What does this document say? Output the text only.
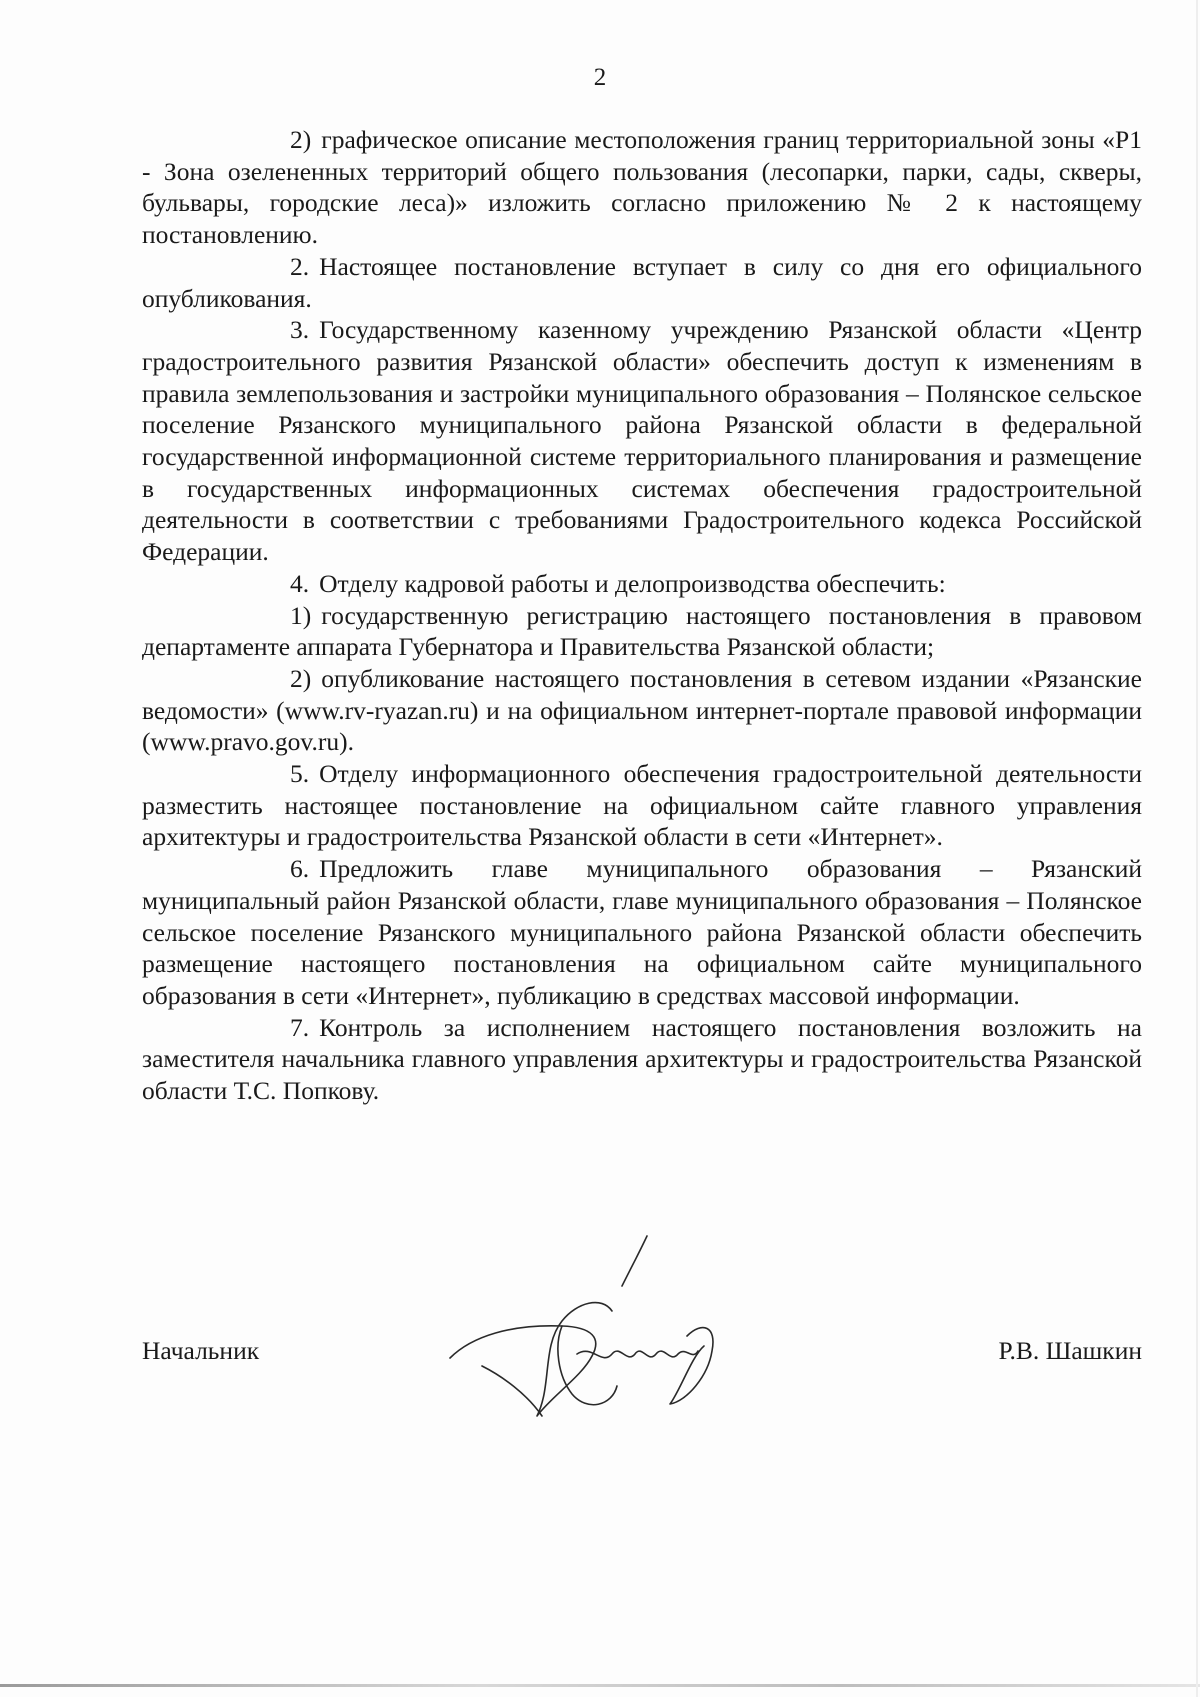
2

2) графическое описание местоположения границ территориальной зоны «Р1 - Зона озелененных территорий общего пользования (лесопарки, парки, сады, скверы, бульвары, городские леса)» изложить согласно приложению № 2 к настоящему постановлению.

2. Настоящее постановление вступает в силу со дня его официального опубликования.

3. Государственному казенному учреждению Рязанской области «Центр градостроительного развития Рязанской области» обеспечить доступ к изменениям в правила землепользования и застройки муниципального образования – Полянское сельское поселение Рязанского муниципального района Рязанской области в федеральной государственной информационной системе территориального планирования и размещение в государственных информационных системах обеспечения градостроительной деятельности в соответствии с требованиями Градостроительного кодекса Российской Федерации.

4. Отделу кадровой работы и делопроизводства обеспечить:

1) государственную регистрацию настоящего постановления в правовом департаменте аппарата Губернатора и Правительства Рязанской области;

2) опубликование настоящего постановления в сетевом издании «Рязанские ведомости» (www.rv-ryazan.ru) и на официальном интернет-портале правовой информации (www.pravo.gov.ru).

5. Отделу информационного обеспечения градостроительной деятельности разместить настоящее постановление на официальном сайте главного управления архитектуры и градостроительства Рязанской области в сети «Интернет».

6. Предложить главе муниципального образования – Рязанский муниципальный район Рязанской области, главе муниципального образования – Полянское сельское поселение Рязанского муниципального района Рязанской области обеспечить размещение настоящего постановления на официальном сайте муниципального образования в сети «Интернет», публикацию в средствах массовой информации.

7. Контроль за исполнением настоящего постановления возложить на заместителя начальника главного управления архитектуры и градостроительства Рязанской области Т.С. Попкову.

Начальник	Р.В. Шашкин
